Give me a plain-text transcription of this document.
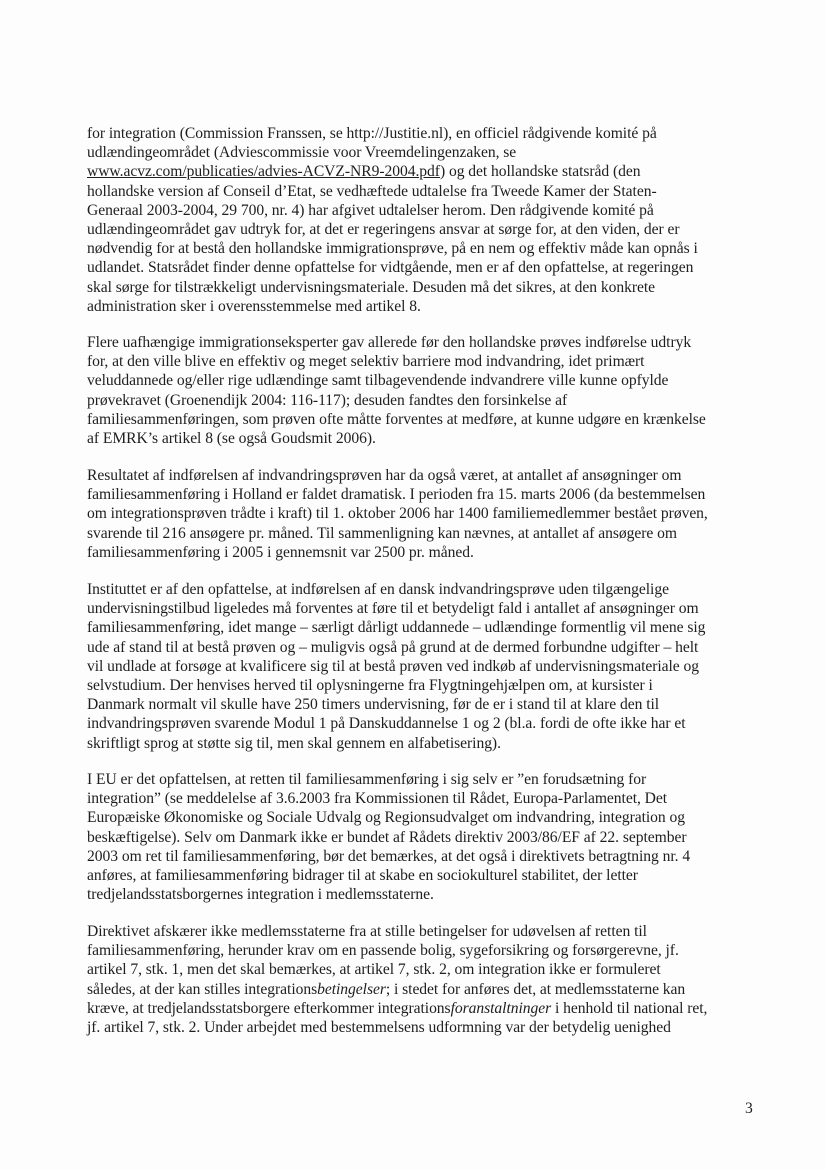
for integration (Commission Franssen, se http://Justitie.nl), en officiel rådgivende komité på
udlændingeområdet (Adviescommissie voor Vreemdelingenzaken, se
www.acvz.com/publicaties/advies-ACVZ-NR9-2004.pdf) og det hollandske statsråd (den
hollandske version af Conseil d’Etat, se vedhæftede udtalelse fra Tweede Kamer der Staten-
Generaal 2003-2004, 29 700, nr. 4) har afgivet udtalelser herom. Den rådgivende komité på
udlændingeområdet gav udtryk for, at det er regeringens ansvar at sørge for, at den viden, der er
nødvendig for at bestå den hollandske immigrationsprøve, på en nem og effektiv måde kan opnås i
udlandet. Statsrådet finder denne opfattelse for vidtgående, men er af den opfattelse, at regeringen
skal sørge for tilstrækkeligt undervisningsmateriale. Desuden må det sikres, at den konkrete
administration sker i overensstemmelse med artikel 8.
Flere uafhængige immigrationseksperter gav allerede før den hollandske prøves indførelse udtryk
for, at den ville blive en effektiv og meget selektiv barriere mod indvandring, idet primært
veluddannede og/eller rige udlændinge samt tilbagevendende indvandrere ville kunne opfylde
prøvekravet (Groenendijk 2004: 116-117); desuden fandtes den forsinkelse af
familiesammenføringen, som prøven ofte måtte forventes at medføre, at kunne udgøre en krænkelse
af EMRK’s artikel 8 (se også Goudsmit 2006).
Resultatet af indførelsen af indvandringsprøven har da også været, at antallet af ansøgninger om
familiesammenføring i Holland er faldet dramatisk. I perioden fra 15. marts 2006 (da bestemmelsen
om integrationsprøven trådte i kraft) til 1. oktober 2006 har 1400 familiemedlemmer bestået prøven,
svarende til 216 ansøgere pr. måned. Til sammenligning kan nævnes, at antallet af ansøgere om
familiesammenføring i 2005 i gennemsnit var 2500 pr. måned.
Instituttet er af den opfattelse, at indførelsen af en dansk indvandringsprøve uden tilgængelige
undervisningstilbud ligeledes må forventes at føre til et betydeligt fald i antallet af ansøgninger om
familiesammenføring, idet mange – særligt dårligt uddannede – udlændinge formentlig vil mene sig
ude af stand til at bestå prøven og – muligvis også på grund at de dermed forbundne udgifter – helt
vil undlade at forsøge at kvalificere sig til at bestå prøven ved indkøb af undervisningsmateriale og
selvstudium. Der henvises herved til oplysningerne fra Flygtningehjælpen om, at kursister i
Danmark normalt vil skulle have 250 timers undervisning, før de er i stand til at klare den til
indvandringsprøven svarende Modul 1 på Danskuddannelse 1 og 2 (bl.a. fordi de ofte ikke har et
skriftligt sprog at støtte sig til, men skal gennem en alfabetisering).
I EU er det opfattelsen, at retten til familiesammenføring i sig selv er ”en forudsætning for
integration” (se meddelelse af 3.6.2003 fra Kommissionen til Rådet, Europa-Parlamentet, Det
Europæiske Økonomiske og Sociale Udvalg og Regionsudvalget om indvandring, integration og
beskæftigelse). Selv om Danmark ikke er bundet af Rådets direktiv 2003/86/EF af 22. september
2003 om ret til familiesammenføring, bør det bemærkes, at det også i direktivets betragtning nr. 4
anføres, at familiesammenføring bidrager til at skabe en sociokulturel stabilitet, der letter
tredjelandsstatsborgernes integration i medlemsstaterne.
Direktivet afskærer ikke medlemsstaterne fra at stille betingelser for udøvelsen af retten til
familiesammenføring, herunder krav om en passende bolig, sygeforsikring og forsørgerevne, jf.
artikel 7, stk. 1, men det skal bemærkes, at artikel 7, stk. 2, om integration ikke er formuleret
således, at der kan stilles integrationsbetingelser; i stedet for anføres det, at medlemsstaterne kan
kræve, at tredjelandsstatsborgere efterkommer integrationsforanstaltninger i henhold til national ret,
jf. artikel 7, stk. 2. Under arbejdet med bestemmelsens udformning var der betydelig uenighed
3
